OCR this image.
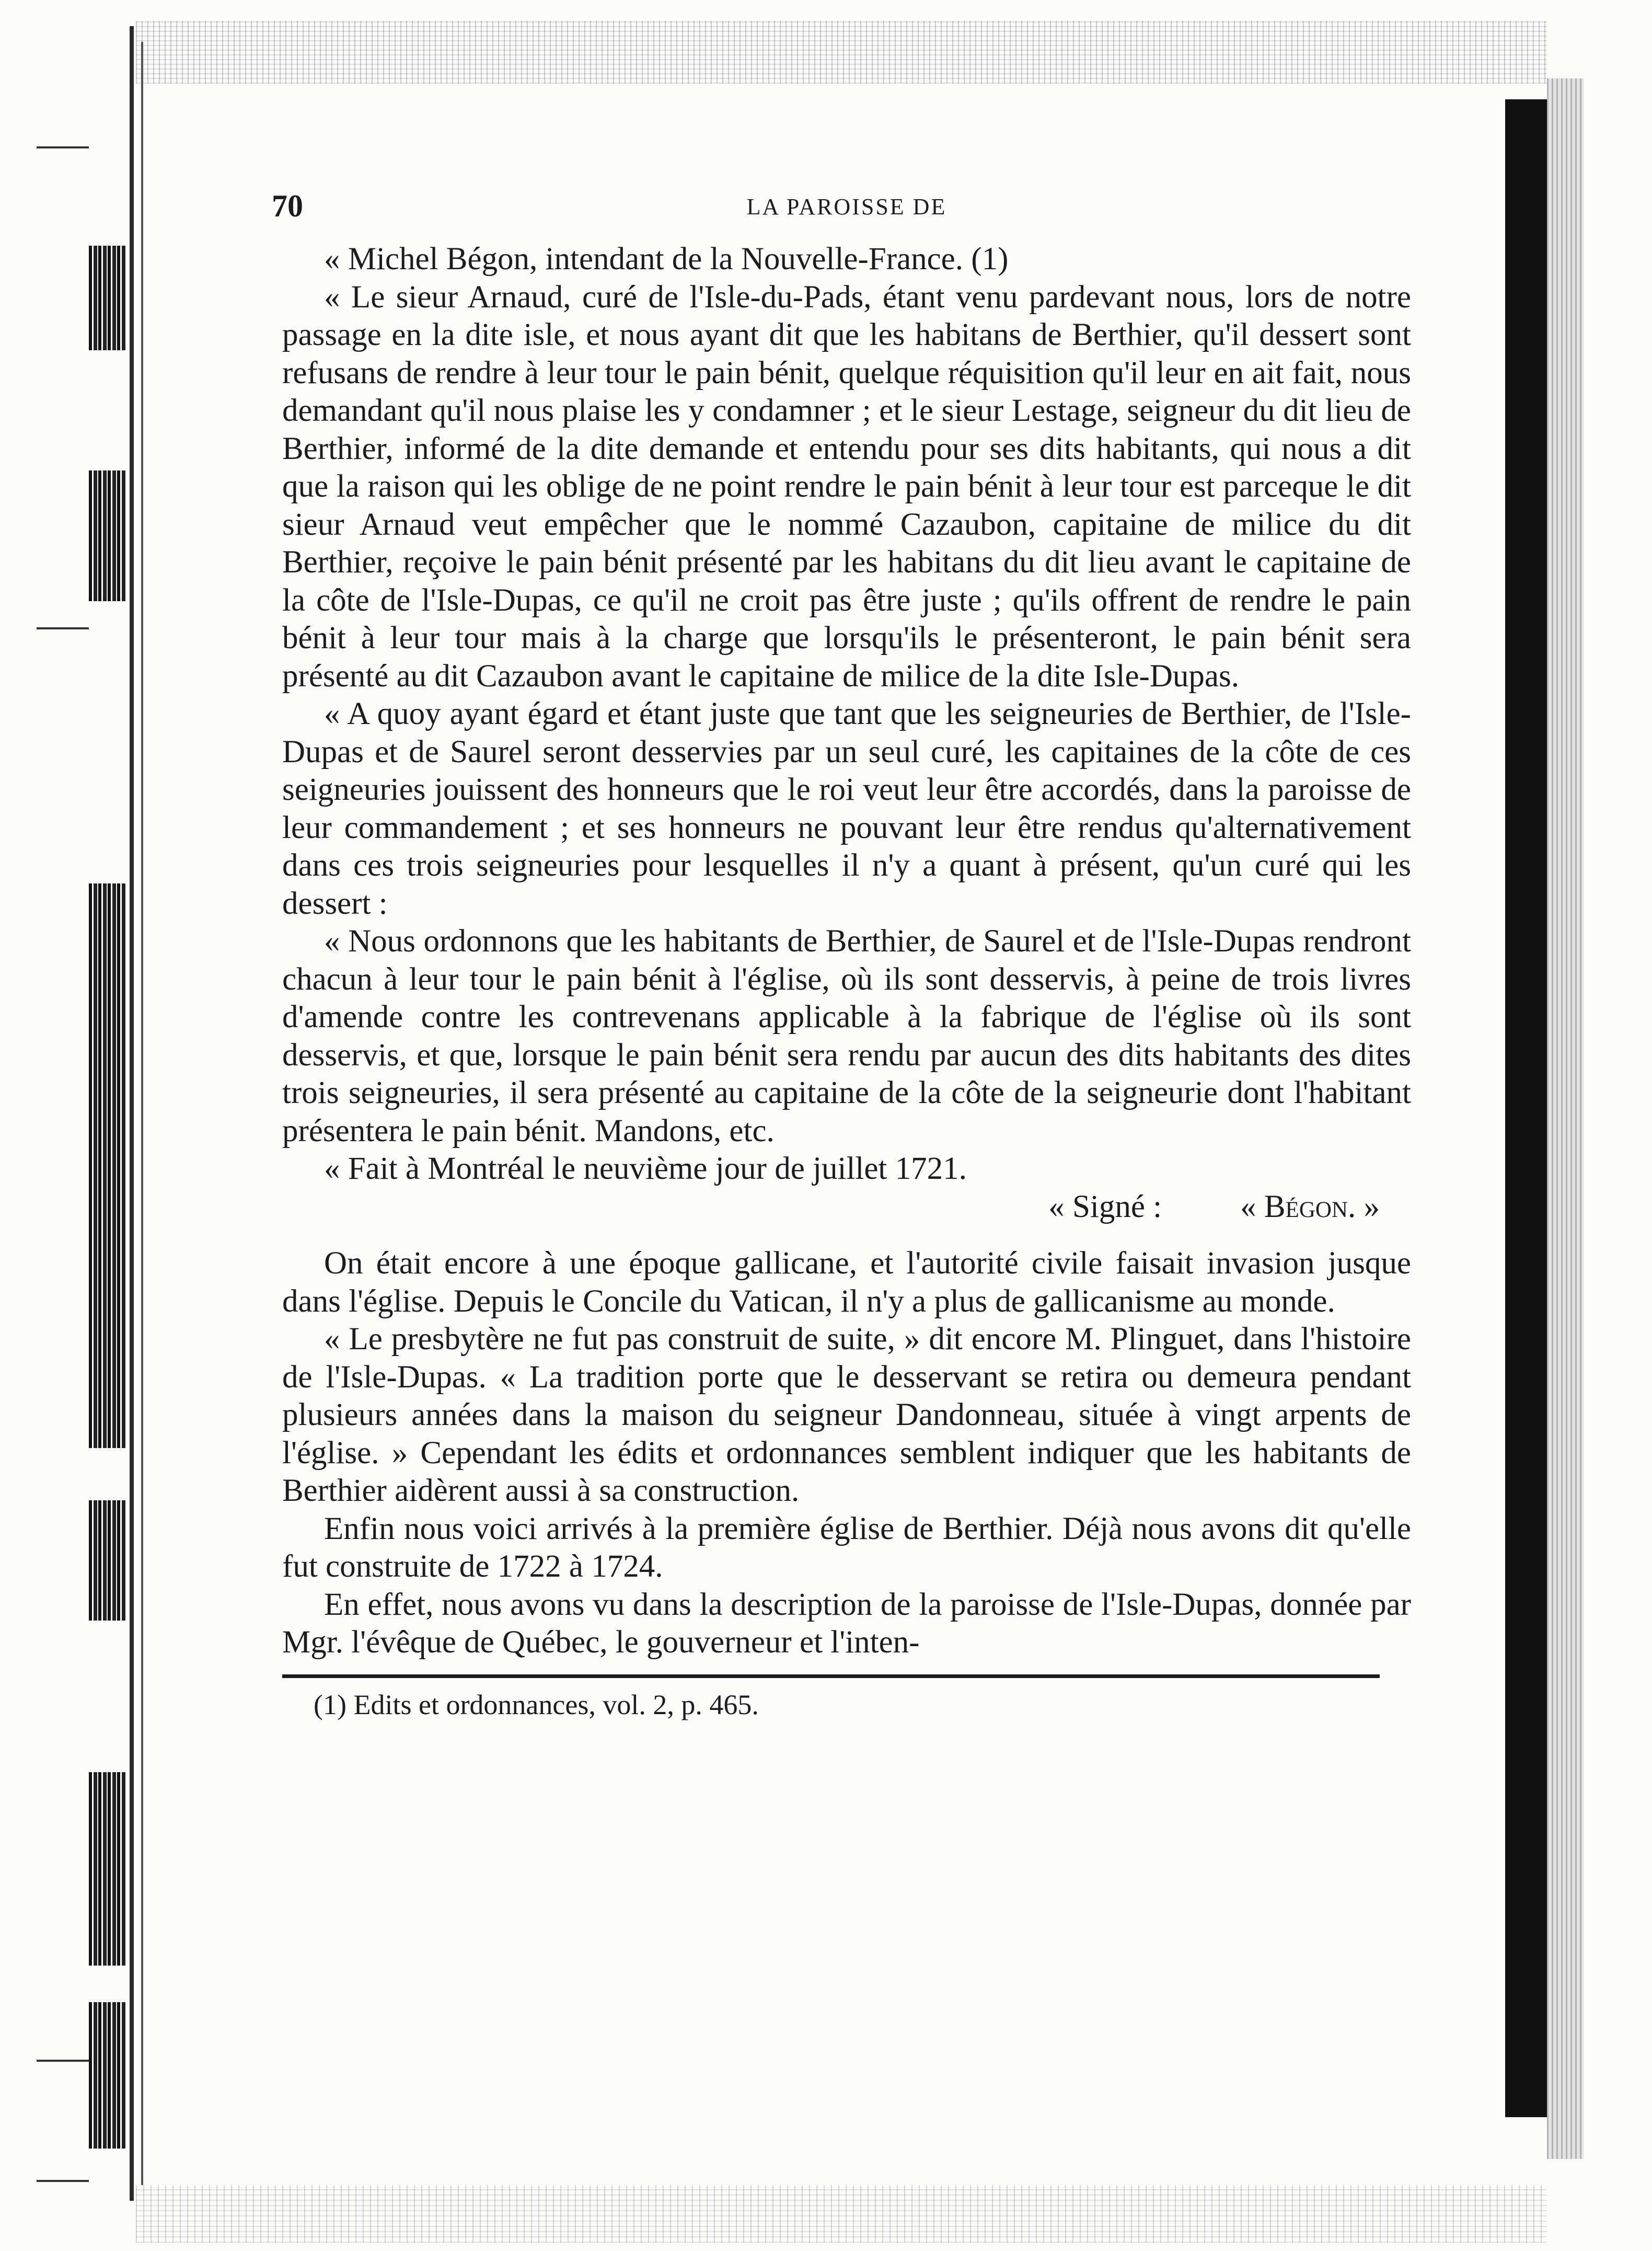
70	LA PAROISSE DE

« Michel Bégon, intendant de la Nouvelle-France. (1)

« Le sieur Arnaud, curé de l'Isle-du-Pads, étant venu pardevant nous, lors de notre passage en la dite isle, et nous ayant dit que les habitans de Berthier, qu'il dessert sont refusans de rendre à leur tour le pain bénit, quelque réquisition qu'il leur en ait fait, nous demandant qu'il nous plaise les y condamner ; et le sieur Lestage, seigneur du dit lieu de Berthier, informé de la dite demande et entendu pour ses dits habitants, qui nous a dit que la raison qui les oblige de ne point rendre le pain bénit à leur tour est parceque le dit sieur Arnaud veut empêcher que le nommé Cazaubon, capitaine de milice du dit Berthier, reçoive le pain bénit présenté par les habitans du dit lieu avant le capitaine de la côte de l'Isle-Dupas, ce qu'il ne croit pas être juste ; qu'ils offrent de rendre le pain bénit à leur tour mais à la charge que lorsqu'ils le présenteront, le pain bénit sera présenté au dit Cazaubon avant le capitaine de milice de la dite Isle-Dupas.

« A quoy ayant égard et étant juste que tant que les seigneuries de Berthier, de l'Isle-Dupas et de Saurel seront desservies par un seul curé, les capitaines de la côte de ces seigneuries jouissent des honneurs que le roi veut leur être accordés, dans la paroisse de leur commandement ; et ses honneurs ne pouvant leur être rendus qu'alternativement dans ces trois seigneuries pour lesquelles il n'y a quant à présent, qu'un curé qui les dessert :

« Nous ordonnons que les habitants de Berthier, de Saurel et de l'Isle-Dupas rendront chacun à leur tour le pain bénit à l'église, où ils sont desservis, à peine de trois livres d'amende contre les contrevenans applicable à la fabrique de l'église où ils sont desservis, et que, lorsque le pain bénit sera rendu par aucun des dits habitants des dites trois seigneuries, il sera présenté au capitaine de la côte de la seigneurie dont l'habitant présentera le pain bénit. Mandons, etc.

« Fait à Montréal le neuvième jour de juillet 1721.

« Signé : « Bégon. »

On était encore à une époque gallicane, et l'autorité civile faisait invasion jusque dans l'église. Depuis le Concile du Vatican, il n'y a plus de gallicanisme au monde.

« Le presbytère ne fut pas construit de suite, » dit encore M. Plinguet, dans l'histoire de l'Isle-Dupas. « La tradition porte que le desservant se retira ou demeura pendant plusieurs années dans la maison du seigneur Dandonneau, située à vingt arpents de l'église. » Cependant les édits et ordonnances semblent indiquer que les habitants de Berthier aidèrent aussi à sa construction.

Enfin nous voici arrivés à la première église de Berthier. Déjà nous avons dit qu'elle fut construite de 1722 à 1724.

En effet, nous avons vu dans la description de la paroisse de l'Isle-Dupas, donnée par Mgr. l'évêque de Québec, le gouverneur et l'inten-

(1) Edits et ordonnances, vol. 2, p. 465.
